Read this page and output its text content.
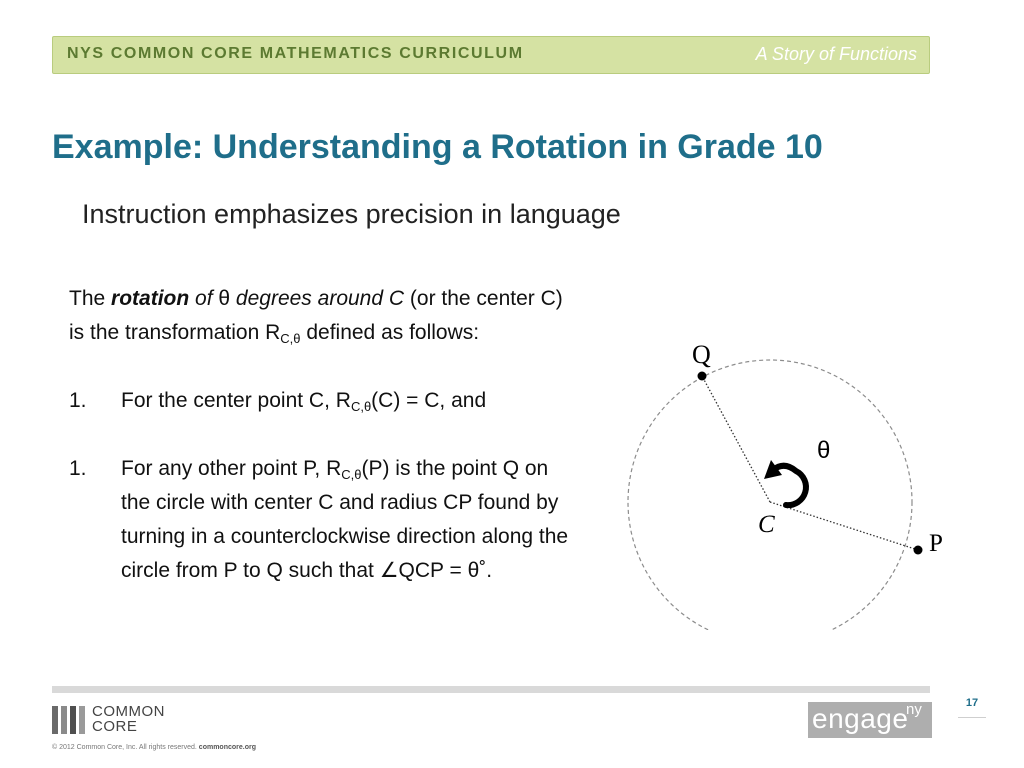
NYS COMMON CORE MATHEMATICS CURRICULUM	A Story of Functions
Example: Understanding a Rotation in Grade 10
Instruction emphasizes precision in language

The rotation of θ degrees around C (or the center C) is the transformation $R_{C,\theta}$ defined as follows:

1. For the center point C, $R_{C,\theta}(C) = C$, and

1. For any other point P, $R_{C,\theta}(P)$ is the point Q on the circle with center C and radius CP found by turning in a counterclockwise direction along the circle from P to Q such that ∠QCP = θ˚.

Q
θ
C
P
COMMON
CORE
© 2012 Common Core, Inc. All rights reserved. commoncore.org
engage
ny	17
